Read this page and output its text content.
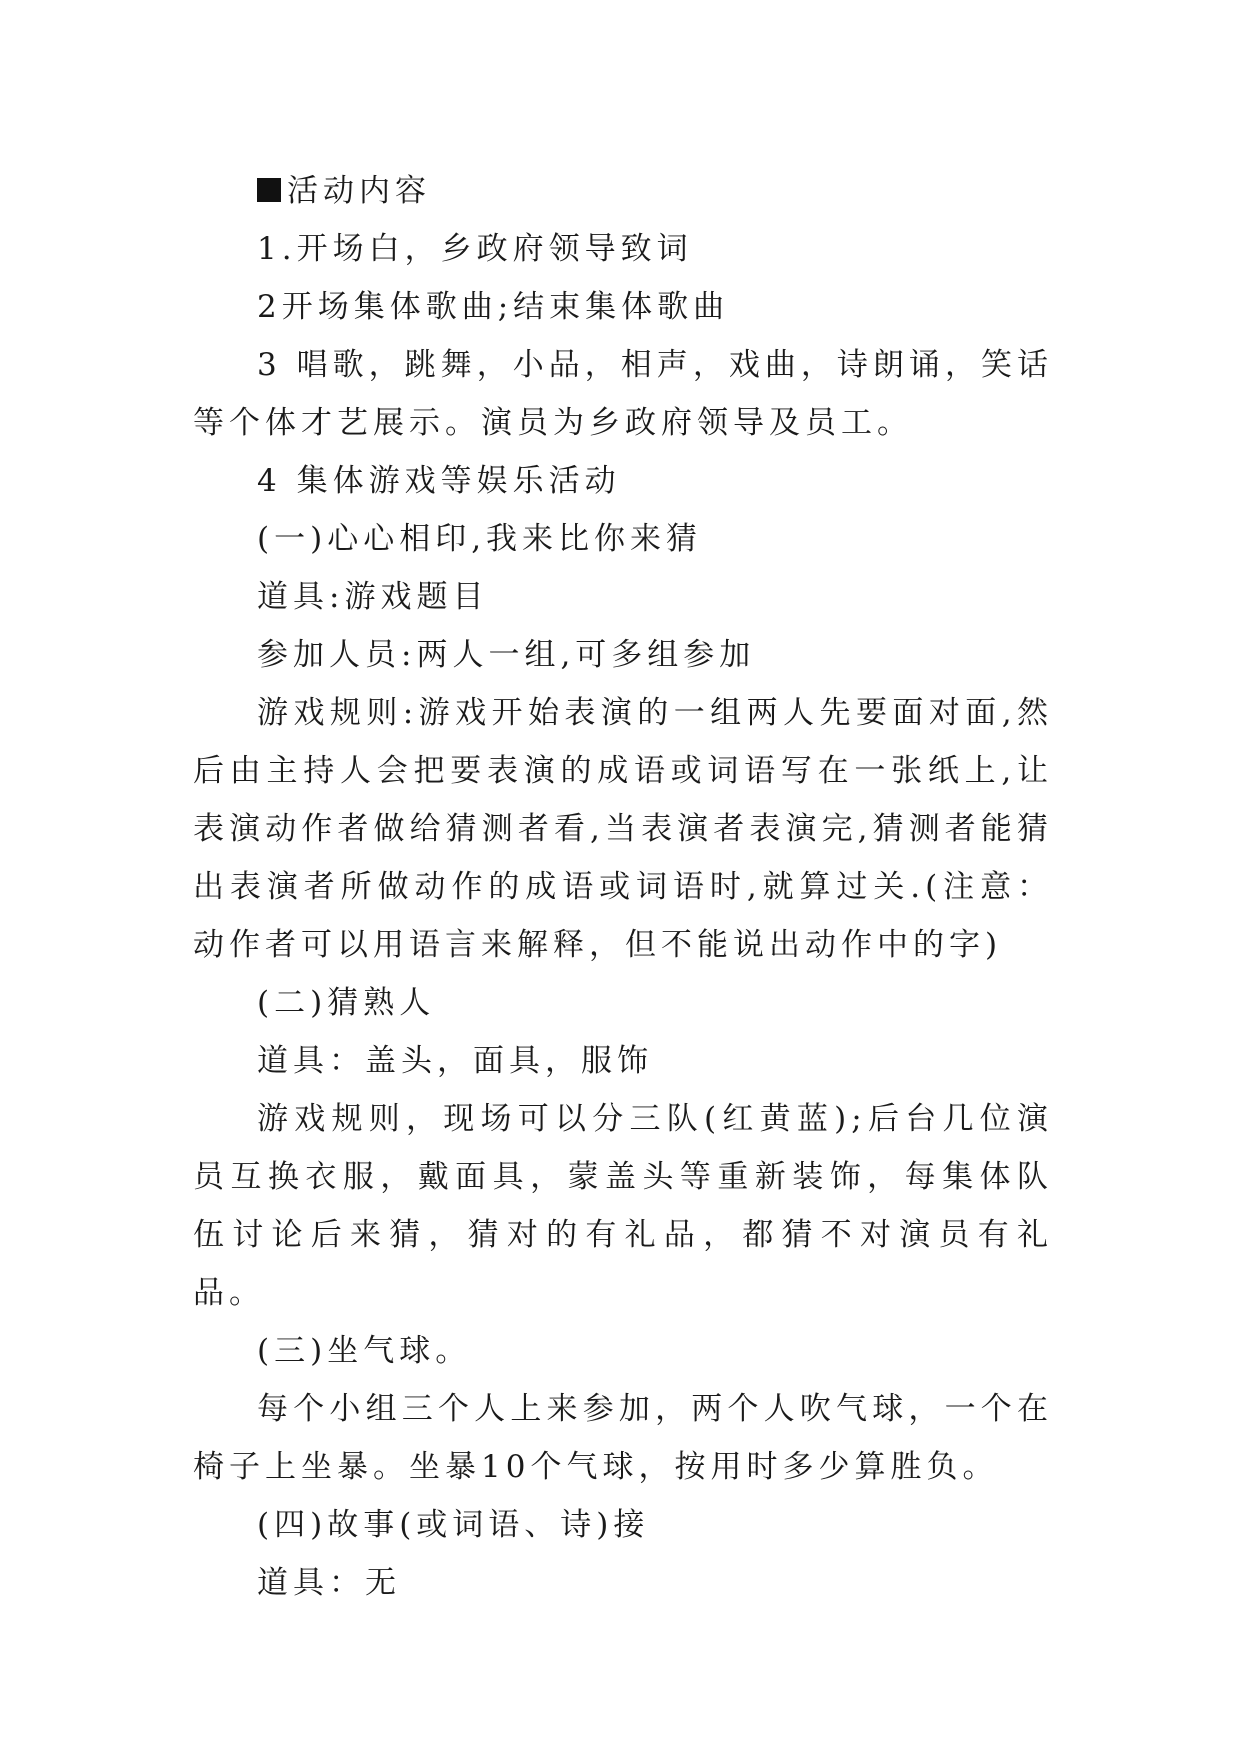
活动内容

1.开场白，乡政府领导致词

2开场集体歌曲;结束集体歌曲

3 唱歌，跳舞，小品，相声，戏曲，诗朗诵，笑话等个体才艺展示。演员为乡政府领导及员工。

4 集体游戏等娱乐活动

(一)心心相印,我来比你来猜

道具:游戏题目

参加人员:两人一组,可多组参加

游戏规则:游戏开始表演的一组两人先要面对面,然后由主持人会把要表演的成语或词语写在一张纸上,让表演动作者做给猜测者看,当表演者表演完,猜测者能猜出表演者所做动作的成语或词语时,就算过关.(注意：动作者可以用语言来解释，但不能说出动作中的字)

(二)猜熟人

道具：盖头，面具，服饰

游戏规则，现场可以分三队(红黄蓝);后台几位演员互换衣服，戴面具，蒙盖头等重新装饰，每集体队伍讨论后来猜，猜对的有礼品，都猜不对演员有礼品。

(三)坐气球。

每个小组三个人上来参加，两个人吹气球，一个在椅子上坐暴。坐暴10个气球，按用时多少算胜负。

(四)故事(或词语、诗)接

道具：无
